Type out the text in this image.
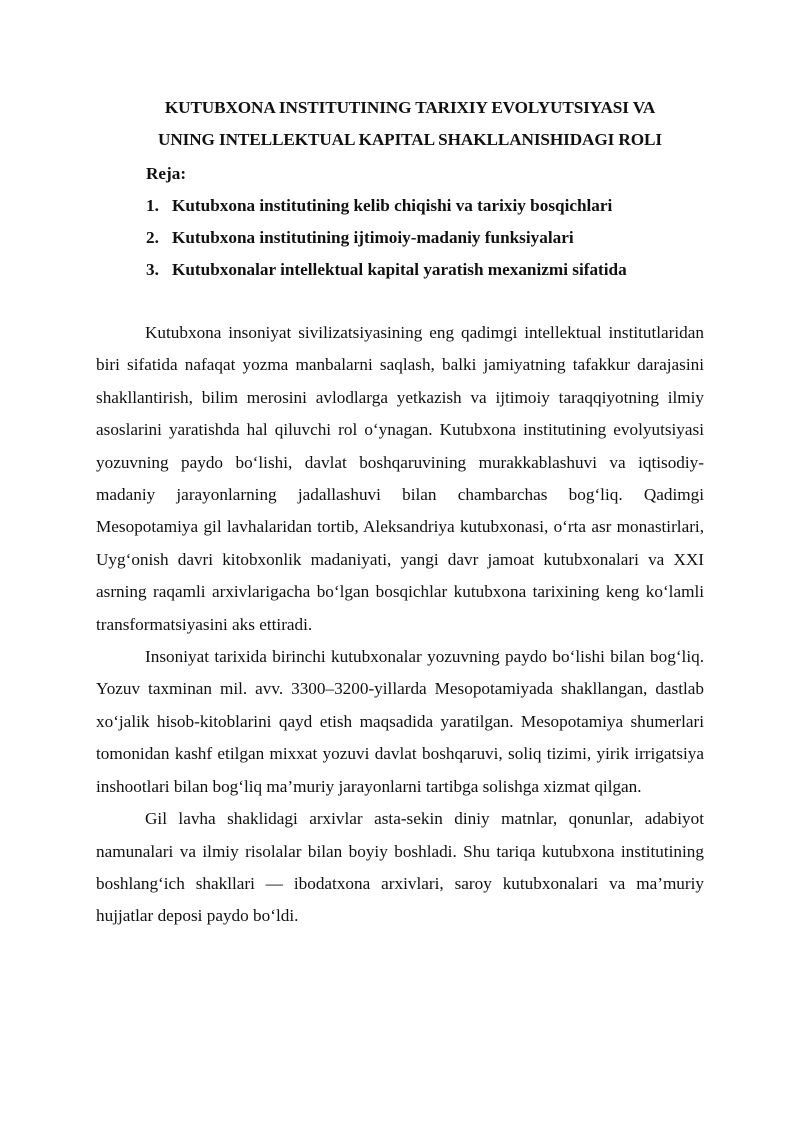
KUTUBXONA INSTITUTINING TARIXIY EVOLYUTSIYASI VA
UNING INTELLEKTUAL KAPITAL SHAKLLANISHIDAGI ROLI
Reja:
1. Kutubxona institutining kelib chiqishi va tarixiy bosqichlari
2. Kutubxona institutining ijtimoiy-madaniy funksiyalari
3. Kutubxonalar intellektual kapital yaratish mexanizmi sifatida

Kutubxona insoniyat sivilizatsiyasining eng qadimgi intellektual institutlaridan biri sifatida nafaqat yozma manbalarni saqlash, balki jamiyatning tafakkur darajasini shakllantirish, bilim merosini avlodlarga yetkazish va ijtimoiy taraqqiyotning ilmiy asoslarini yaratishda hal qiluvchi rol o‘ynagan. Kutubxona institutining evolyutsiyasi yozuvning paydo bo‘lishi, davlat boshqaruvining murakkablashuvi va iqtisodiy-madaniy jarayonlarning jadallashuvi bilan chambarchas bog‘liq. Qadimgi Mesopotamiya gil lavhalaridan tortib, Aleksandriya kutubxonasi, o‘rta asr monastirlari, Uyg‘onish davri kitobxonlik madaniyati, yangi davr jamoat kutubxonalari va XXI asrning raqamli arxivlarigacha bo‘lgan bosqichlar kutubxona tarixining keng ko‘lamli transformatsiyasini aks ettiradi.

Insoniyat tarixida birinchi kutubxonalar yozuvning paydo bo‘lishi bilan bog‘liq. Yozuv taxminan mil. avv. 3300–3200-yillarda Mesopotamiyada shakllangan, dastlab xo‘jalik hisob-kitoblarini qayd etish maqsadida yaratilgan. Mesopotamiya shumerlari tomonidan kashf etilgan mixxat yozuvi davlat boshqaruvi, soliq tizimi, yirik irrigatsiya inshootlari bilan bog‘liq ma’muriy jarayonlarni tartibga solishga xizmat qilgan.

Gil lavha shaklidagi arxivlar asta-sekin diniy matnlar, qonunlar, adabiyot namunalari va ilmiy risolalar bilan boyiy boshladi. Shu tariqa kutubxona institutining boshlang‘ich shakllari — ibodatxona arxivlari, saroy kutubxonalari va ma’muriy hujjatlar deposi paydo bo‘ldi.
